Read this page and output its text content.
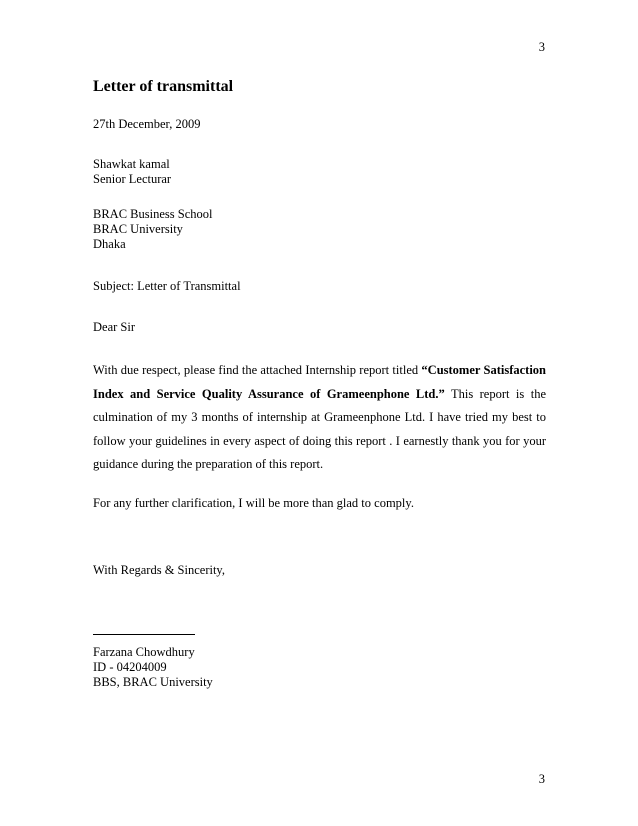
3
Letter of transmittal
27th December, 2009
Shawkat kamal
Senior Lecturar
BRAC Business School
BRAC University
Dhaka
Subject: Letter of Transmittal
Dear Sir

With due respect, please find the attached Internship report titled “Customer Satisfaction Index and Service Quality Assurance of Grameenphone Ltd.” This report is the culmination of my 3 months of internship at Grameenphone Ltd. I have tried my best to follow your guidelines in every aspect of doing this report . I earnestly thank you for your guidance during the preparation of this report.

For any further clarification, I will be more than glad to comply.
With Regards & Sincerity,
Farzana Chowdhury
ID - 04204009
BBS, BRAC University
3
